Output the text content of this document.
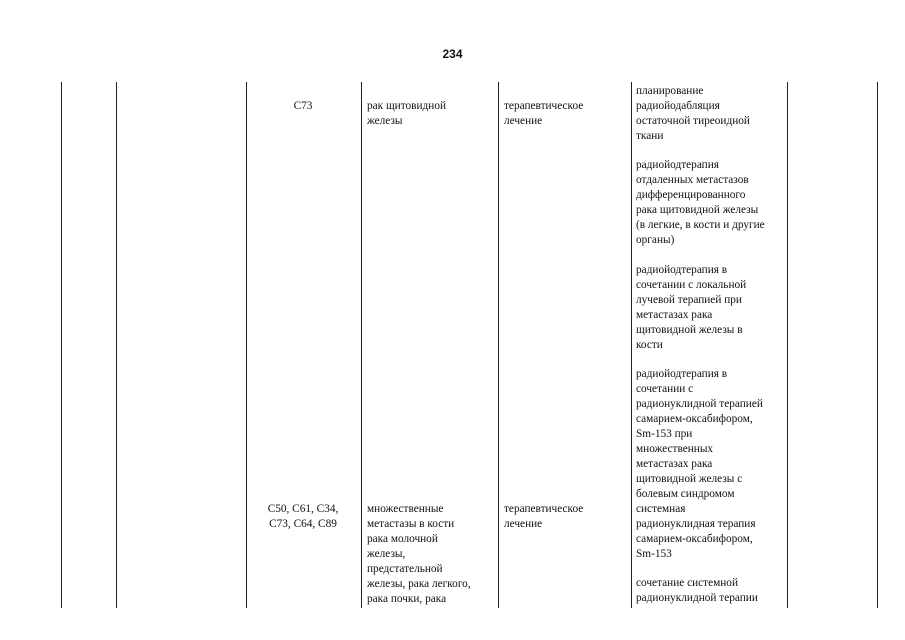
234
C73	рак щитовидной
железы
терапевтическое
лечение
C50, C61, C34,
C73, C64, C89
множественные
метастазы в кости
рака молочной
железы,
предстательной
железы, рака легкого,
рака почки, рака
терапевтическое
лечение
планирование
радиойодабляция
остаточной тиреоидной
ткани
радиойодтерапия
отдаленных метастазов
дифференцированного
рака щитовидной железы
(в легкие, в кости и другие
органы)
радиойодтерапия в
сочетании с локальной
лучевой терапией при
метастазах рака
щитовидной железы в
кости
радиойодтерапия в
сочетании с
радионуклидной терапией
самарием-оксабифором,
Sm-153 при
множественных
метастазах рака
щитовидной железы с
болевым синдромом
системная
радионуклидная терапия
самарием-оксабифором,
Sm-153
сочетание системной
радионуклидной терапии
